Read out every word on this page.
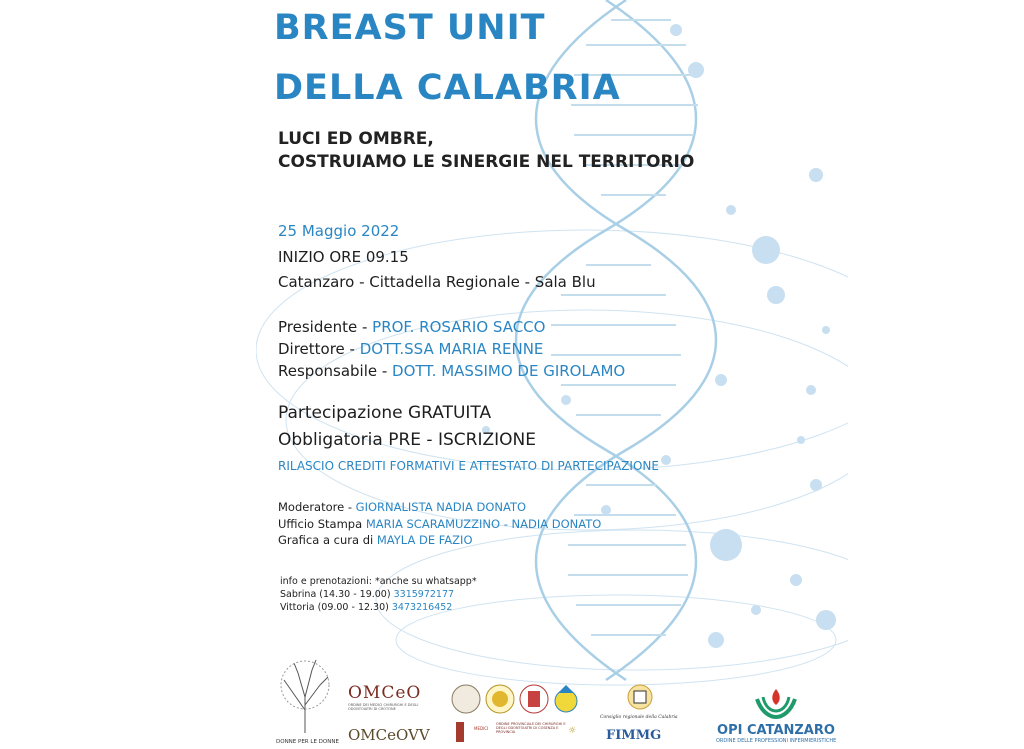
BREAST UNIT
DELLA CALABRIA
LUCI ED OMBRE,
COSTRUIAMO LE SINERGIE NEL TERRITORIO
25 Maggio 2022
INIZIO ORE 09.15
Catanzaro - Cittadella Regionale - Sala Blu
Presidente - PROF. ROSARIO SACCO
Direttore - DOTT.SSA MARIA RENNE
Responsabile - DOTT. MASSIMO DE GIROLAMO
Partecipazione GRATUITA
Obbligatoria PRE - ISCRIZIONE
RILASCIO CREDITI FORMATIVI E ATTESTATO DI PARTECIPAZIONE
Moderatore - GIORNALISTA NADIA DONATO
Ufficio Stampa MARIA SCARAMUZZINO - NADIA DONATO
Grafica a cura di MAYLA DE FAZIO
info e prenotazioni: *anche su whatsapp*
Sabrina (14.30 - 19.00) 3315972177
Vittoria (09.00 - 12.30) 3473216452
DONNE PER LE DONNE
OMCeO
ORDINE DEI MEDICI CHIRURGHI E DEGLI ODONTOIATRI DI CROTONE
OMCeOVV	MEDICI
ORDINE PROVINCIALE DEI CHIRURGHI E DEGLI ODONTOIATRI DI COSENZA E PROVINCIA	☼
Consiglio regionale della Calabria
FIMMG	OPI CATANZARO
ORDINE DELLE PROFESSIONI INFERMIERISTICHE
